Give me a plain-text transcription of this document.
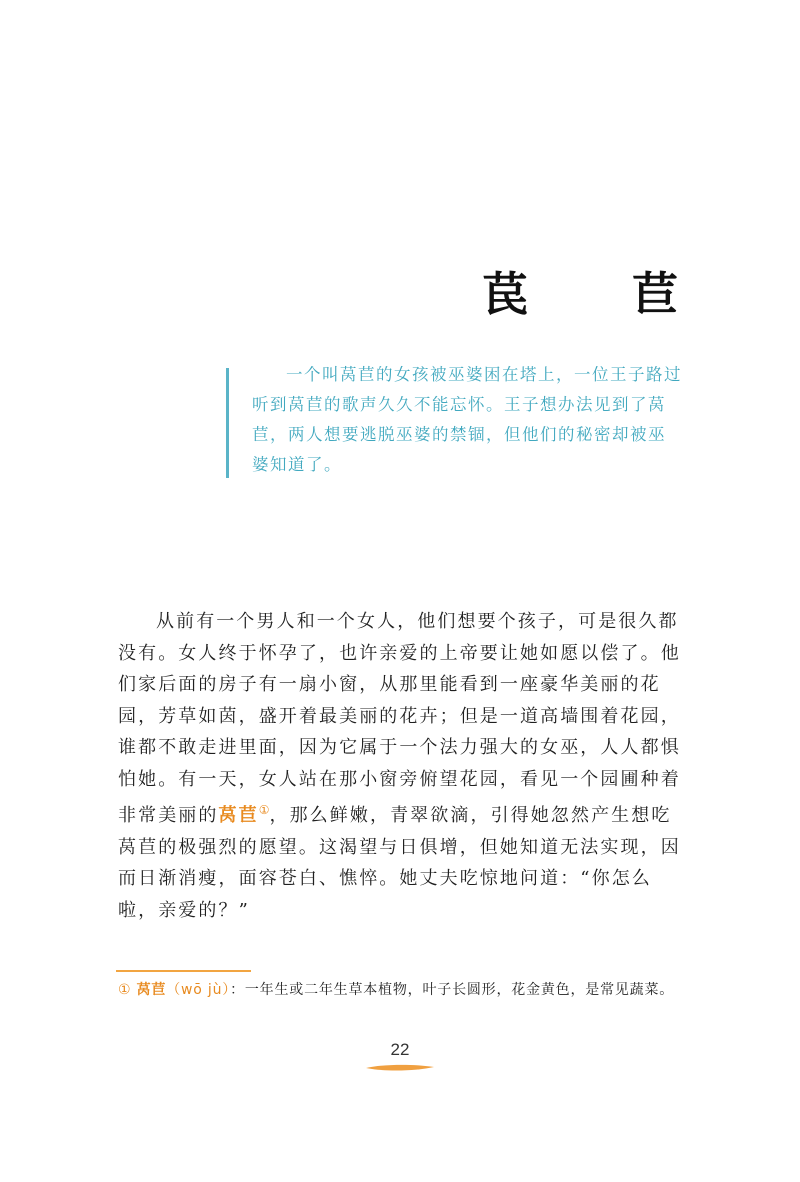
苠 苣

一个叫莴苣的女孩被巫婆困在塔上，一位王子路过听到莴苣的歌声久久不能忘怀。王子想办法见到了莴苣，两人想要逃脱巫婆的禁锢，但他们的秘密却被巫婆知道了。

从前有一个男人和一个女人，他们想要个孩子，可是很久都没有。女人终于怀孕了，也许亲爱的上帝要让她如愿以偿了。他们家后面的房子有一扇小窗，从那里能看到一座豪华美丽的花园，芳草如茵，盛开着最美丽的花卉；但是一道高墙围着花园，谁都不敢走进里面，因为它属于一个法力强大的女巫，人人都惧怕她。有一天，女人站在那小窗旁俯望花园，看见一个园圃种着非常美丽的莴苣①，那么鲜嫩，青翠欲滴，引得她忽然产生想吃莴苣的极强烈的愿望。这渴望与日俱增，但她知道无法实现，因而日渐消瘦，面容苍白、憔悴。她丈夫吃惊地问道：“你怎么啦，亲爱的？”

① 莴苣（wō jù）：一年生或二年生草本植物，叶子长圆形，花金黄色，是常见蔬菜。
22
